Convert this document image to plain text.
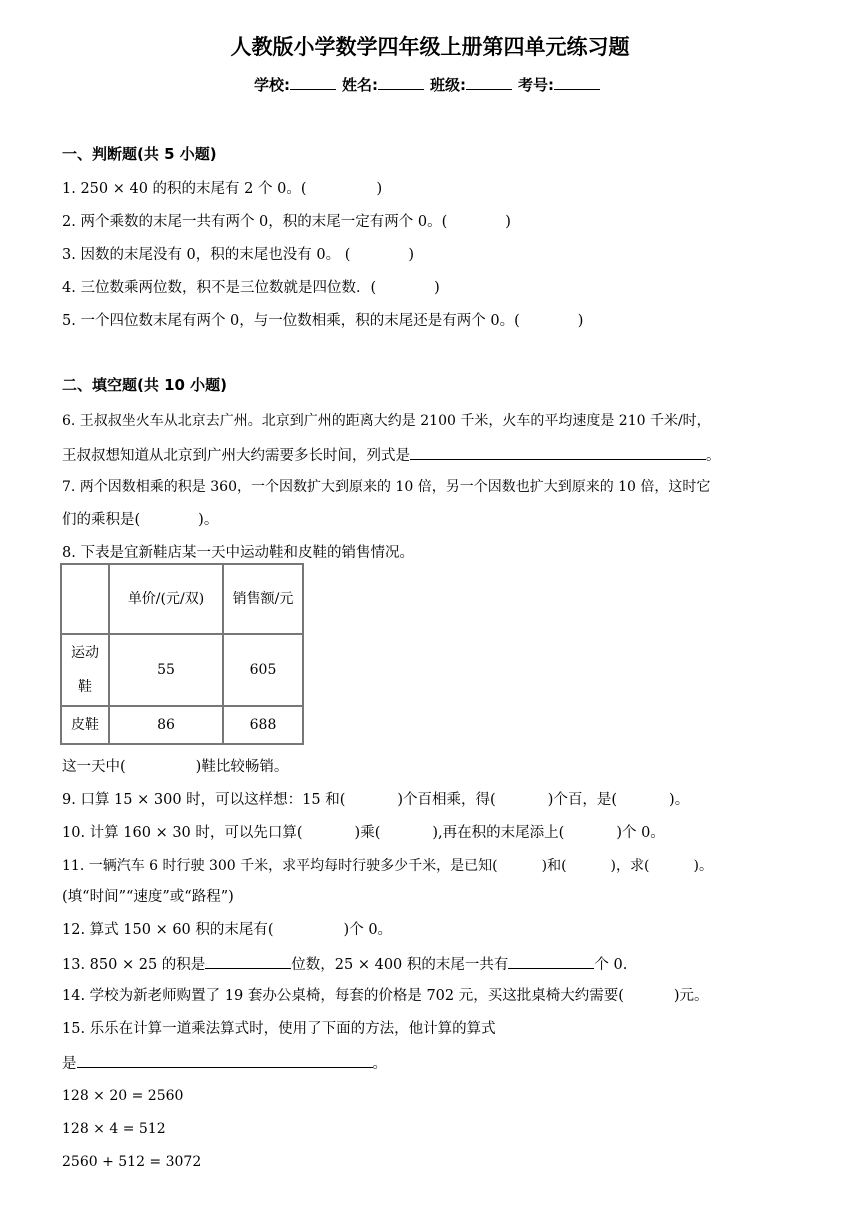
人教版小学数学四年级上册第四单元练习题
学校:	姓名:	班级:	考号:
一、判断题(共 5 小题)
1. 250 × 40 的积的末尾有 2 个 0。(	)
2. 两个乘数的末尾一共有两个 0，积的末尾一定有两个 0。(	)
3. 因数的末尾没有 0，积的末尾也没有 0。 (	)
4. 三位数乘两位数，积不是三位数就是四位数．(	)
5. 一个四位数末尾有两个 0，与一位数相乘，积的末尾还是有两个 0。(	)
二、填空题(共 10 小题)
6. 王叔叔坐火车从北京去广州。北京到广州的距离大约是 2100 千米，火车的平均速度是 210 千米/时，
王叔叔想知道从北京到广州大约需要多长时间，列式是	。
7. 两个因数相乘的积是 360，一个因数扩大到原来的 10 倍，另一个因数也扩大到原来的 10 倍，这时它
们的乘积是(	)。
8. 下表是宜新鞋店某一天中运动鞋和皮鞋的销售情况。
	单价/(元/双)	销售额/元
运动鞋	55	605
皮鞋	86	688
这一天中(	)鞋比较畅销。
9. 口算 15 × 300 时，可以这样想：15 和(	)个百相乘，得(	)个百，是(	)。
10. 计算 160 × 30 时，可以先口算(	)乘(	),再在积的末尾添上(	)个 0。
11. 一辆汽车 6 时行驶 300 千米，求平均每时行驶多少千米，是已知(	)和(	)，求(	)。
(填“时间”“速度”或“路程”)
12. 算式 150 × 60 积的末尾有(	)个 0。
13. 850 × 25 的积是	位数，25 × 400 积的末尾一共有	个 0.
14. 学校为新老师购置了 19 套办公桌椅，每套的价格是 702 元，买这批桌椅大约需要(	)元。
15. 乐乐在计算一道乘法算式时，使用了下面的方法，他计算的算式
是	。
128 × 20 = 2560
128 × 4 = 512
2560 + 512 = 3072
